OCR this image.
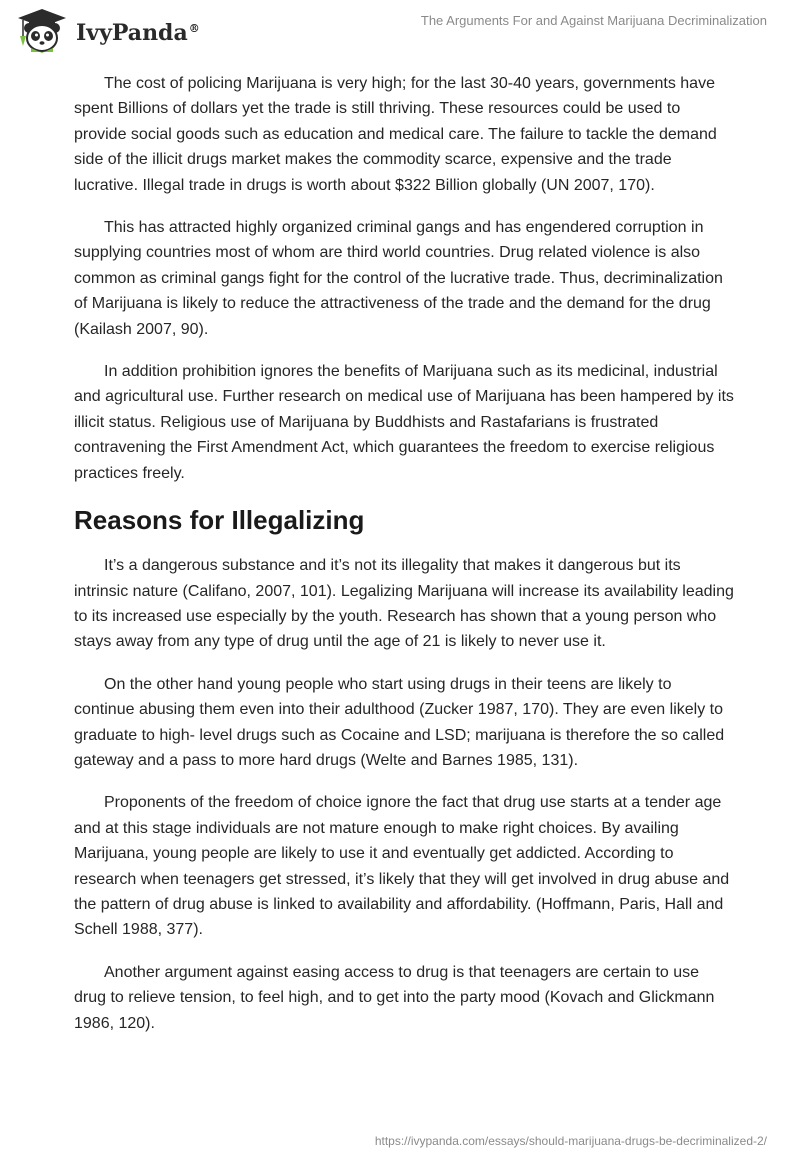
IvyPanda®
The Arguments For and Against Marijuana Decriminalization

The cost of policing Marijuana is very high; for the last 30-40 years, governments have spent Billions of dollars yet the trade is still thriving. These resources could be used to provide social goods such as education and medical care. The failure to tackle the demand side of the illicit drugs market makes the commodity scarce, expensive and the trade lucrative. Illegal trade in drugs is worth about $322 Billion globally (UN 2007, 170).

This has attracted highly organized criminal gangs and has engendered corruption in supplying countries most of whom are third world countries. Drug related violence is also common as criminal gangs fight for the control of the lucrative trade. Thus, decriminalization of Marijuana is likely to reduce the attractiveness of the trade and the demand for the drug (Kailash 2007, 90).

In addition prohibition ignores the benefits of Marijuana such as its medicinal, industrial and agricultural use. Further research on medical use of Marijuana has been hampered by its illicit status. Religious use of Marijuana by Buddhists and Rastafarians is frustrated contravening the First Amendment Act, which guarantees the freedom to exercise religious practices freely.

Reasons for Illegalizing

It’s a dangerous substance and it’s not its illegality that makes it dangerous but its intrinsic nature (Califano, 2007, 101). Legalizing Marijuana will increase its availability leading to its increased use especially by the youth. Research has shown that a young person who stays away from any type of drug until the age of 21 is likely to never use it.

On the other hand young people who start using drugs in their teens are likely to continue abusing them even into their adulthood (Zucker 1987, 170). They are even likely to graduate to high- level drugs such as Cocaine and LSD; marijuana is therefore the so called gateway and a pass to more hard drugs (Welte and Barnes 1985, 131).

Proponents of the freedom of choice ignore the fact that drug use starts at a tender age and at this stage individuals are not mature enough to make right choices. By availing Marijuana, young people are likely to use it and eventually get addicted. According to research when teenagers get stressed, it’s likely that they will get involved in drug abuse and the pattern of drug abuse is linked to availability and affordability. (Hoffmann, Paris, Hall and Schell 1988, 377).

Another argument against easing access to drug is that teenagers are certain to use drug to relieve tension, to feel high, and to get into the party mood (Kovach and Glickmann 1986, 120).

https://ivypanda.com/essays/should-marijuana-drugs-be-decriminalized-2/
